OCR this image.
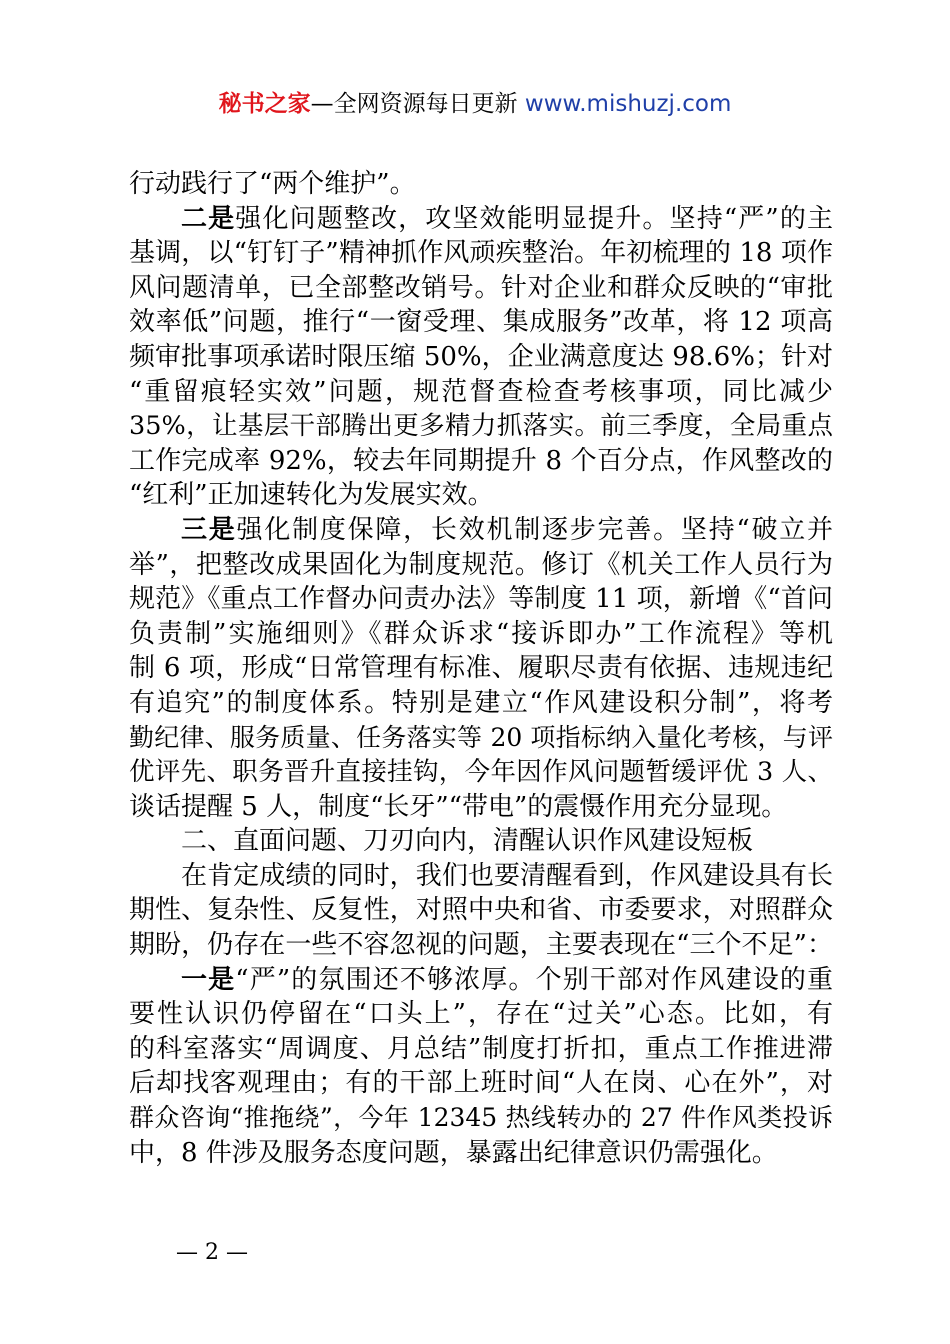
秘书之家—全网资源每日更新 www.mishuzj.com
行动践行了“两个维护”。
二是强化问题整改，攻坚效能明显提升。坚持“严”的主
基调，以“钉钉子”精神抓作风顽疾整治。年初梳理的 18 项作
风问题清单，已全部整改销号。针对企业和群众反映的“审批
效率低”问题，推行“一窗受理、集成服务”改革，将 12 项高
频审批事项承诺时限压缩 50%，企业满意度达 98.6%；针对
“重留痕轻实效”问题，规范督查检查考核事项，同比减少
35%，让基层干部腾出更多精力抓落实。前三季度，全局重点
工作完成率 92%，较去年同期提升 8 个百分点，作风整改的
“红利”正加速转化为发展实效。
三是强化制度保障，长效机制逐步完善。坚持“破立并
举”，把整改成果固化为制度规范。修订《机关工作人员行为
规范》《重点工作督办问责办法》等制度 11 项，新增《“首问
负责制”实施细则》《群众诉求“接诉即办”工作流程》等机
制 6 项，形成“日常管理有标准、履职尽责有依据、违规违纪
有追究”的制度体系。特别是建立“作风建设积分制”，将考
勤纪律、服务质量、任务落实等 20 项指标纳入量化考核，与评
优评先、职务晋升直接挂钩，今年因作风问题暂缓评优 3 人、
谈话提醒 5 人，制度“长牙”“带电”的震慑作用充分显现。
二、直面问题、刀刃向内，清醒认识作风建设短板
在肯定成绩的同时，我们也要清醒看到，作风建设具有长
期性、复杂性、反复性，对照中央和省、市委要求，对照群众
期盼，仍存在一些不容忽视的问题，主要表现在“三个不足”：
一是“严”的氛围还不够浓厚。个别干部对作风建设的重
要性认识仍停留在“口头上”，存在“过关”心态。比如，有
的科室落实“周调度、月总结”制度打折扣，重点工作推进滞
后却找客观理由；有的干部上班时间“人在岗、心在外”，对
群众咨询“推拖绕”，今年 12345 热线转办的 27 件作风类投诉
中，8 件涉及服务态度问题，暴露出纪律意识仍需强化。
— 2 —
